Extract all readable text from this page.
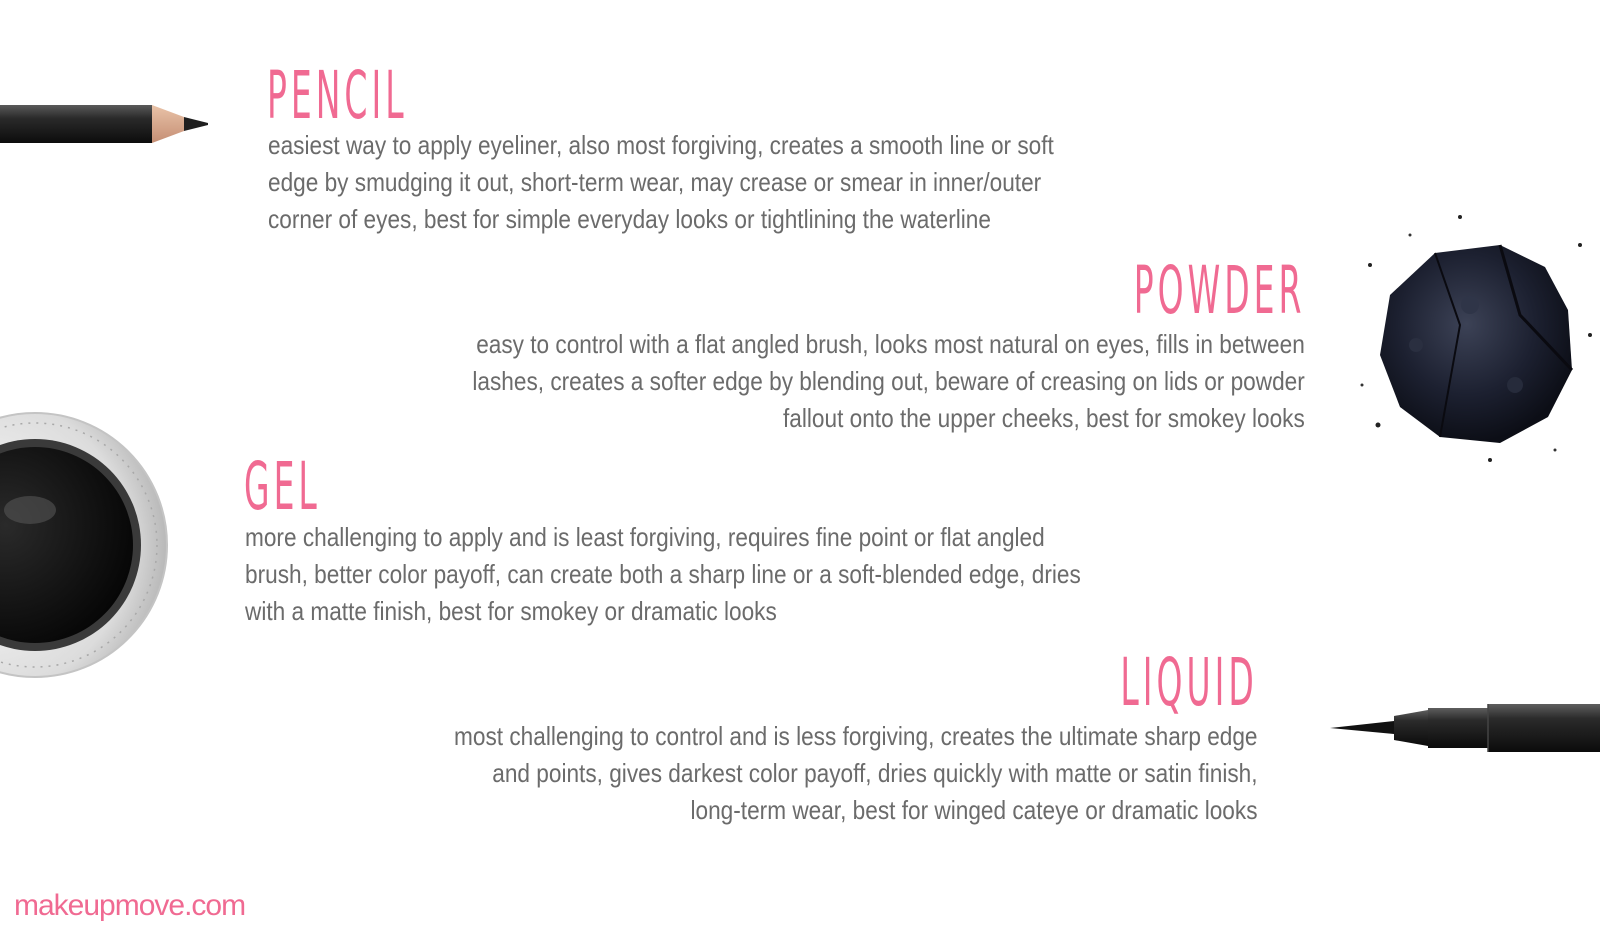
PENCIL

easiest way to apply eyeliner, also most forgiving, creates a smooth line or soft
edge by smudging it out, short-term wear, may crease or smear in inner/outer
corner of eyes, best for simple everyday looks or tightlining the waterline

POWDER

easy to control with a flat angled brush, looks most natural on eyes, fills in between
lashes, creates a softer edge by blending out, beware of creasing on lids or powder
fallout onto the upper cheeks, best for smokey looks

GEL

more challenging to apply and is least forgiving, requires fine point or flat angled
brush, better color payoff, can create both a sharp line or a soft-blended edge, dries
with a matte finish, best for smokey or dramatic looks

LIQUID

most challenging to control and is less forgiving, creates the ultimate sharp edge
and points, gives darkest color payoff, dries quickly with matte or satin finish,
long-term wear, best for winged cateye or dramatic looks

makeupmove.com
